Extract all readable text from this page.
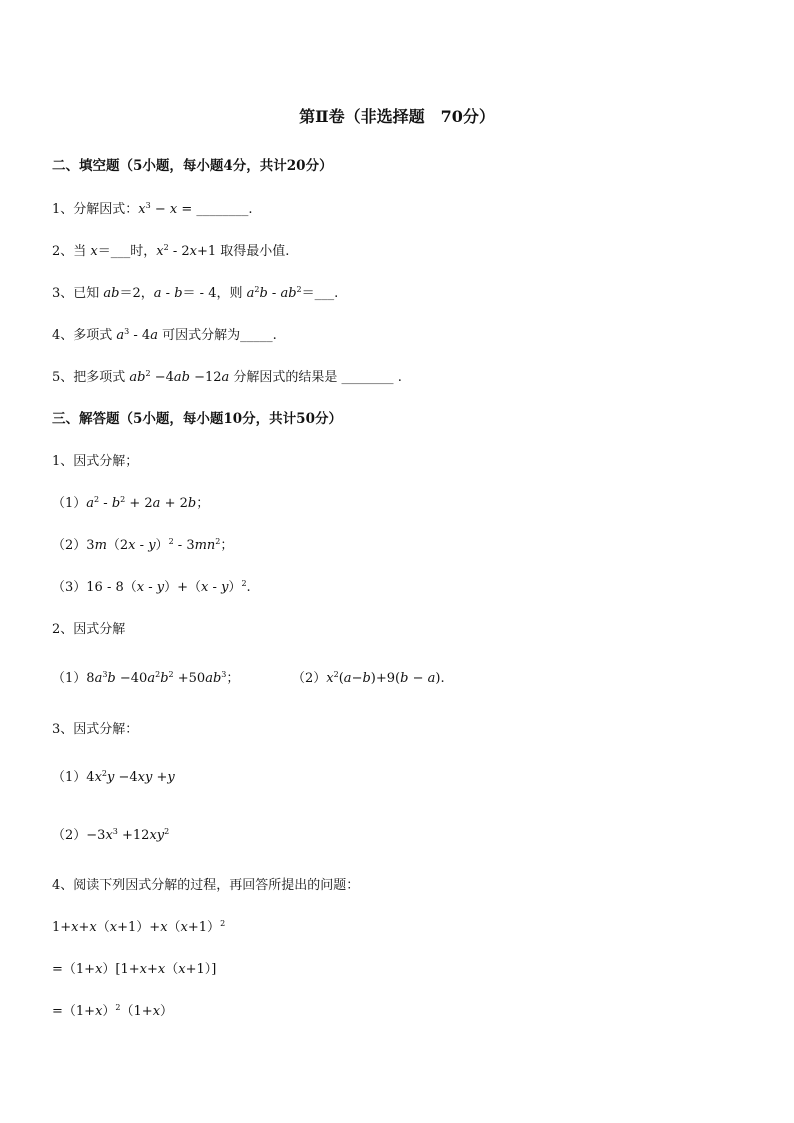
第Ⅱ卷（非选择题　70分）
二、填空题（5小题，每小题4分，共计20分）
1、分解因式：$x^3 - x$ = ________.
2、当 x＝___时，$x^2 - 2x+1$ 取得最小值.
3、已知 ab＝2，a - b＝ - 4，则 $a^2b$ - $ab^2=\_\_\_$.
4、多项式 $a^3 - 4a$ 可因式分解为_____.
5、把多项式 $ab^2 -4ab -12a$ 分解因式的结果是 ________ .
三、解答题（5小题，每小题10分，共计50分）
1、因式分解；
$(1)a^2 - b^2 + 2a + 2b$；
$(2)3m(2x - y)^2 - 3mn^2$；
（3）16 - 8（x - y）+（x - y）$^2$.
2、因式分解
$(1)8a^3b -40a^2b^2 +50ab^3$；	$(2)x^2(a-b)+9(b - a)$.
3、因式分解：
$(1)4x^2y -4xy +y$
$(2)-3x^3 +12xy^2$
4、阅读下列因式分解的过程，再回答所提出的问题：
$1+x+x(x+1)+x(x+1)^2$
=（1+x）[1+x+x（x+1）]
$=(1+x)^2(1+x)$
